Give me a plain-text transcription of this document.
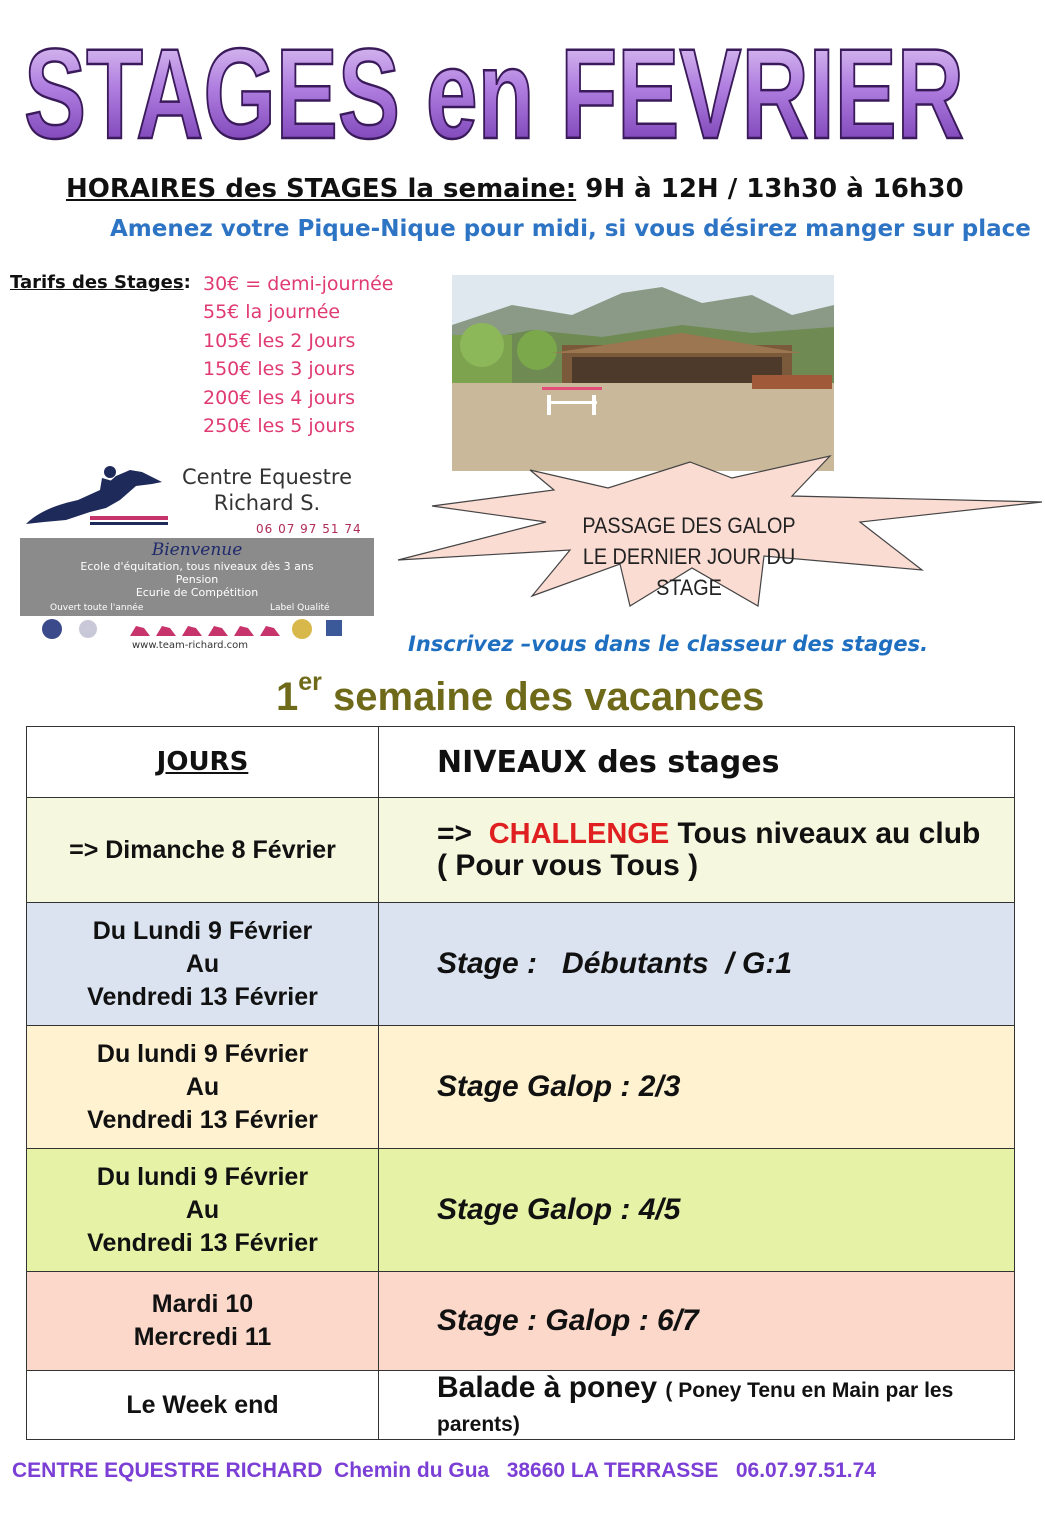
STAGES en FEVRIER
HORAIRES des STAGES la semaine: 9H à 12H / 13h30 à 16h30
Amenez votre Pique-Nique pour midi, si vous désirez manger sur place
Tarifs des Stages: 30€ = demi-journée
55€ la journée
105€ les 2 Jours
150€ les 3 jours
200€ les 4 jours
250€ les 5 jours
Centre Equestre
Richard S.
06 07 97 51 74
Bienvenue
Ecole d'équitation, tous niveaux dès 3 ans
Pension
Ecurie de Compétition
Ouvert toute l'année	Label Qualité
www.team-richard.com
PASSAGE DES GALOP
LE DERNIER JOUR DU
STAGE
Inscrivez –vous dans le classeur des stages.
1er semaine des vacances
JOURS	NIVEAUX des stages
=> Dimanche 8 Février	=>  CHALLENGE Tous niveaux au club
( Pour vous Tous )

Du Lundi 9 Février
Au
Vendredi 13 Février	Stage :   Débutants  / G:1

Du lundi 9 Février
Au
Vendredi 13 Février	Stage Galop : 2/3

Du lundi 9 Février
Au
Vendredi 13 Février	Stage Galop : 4/5

Mardi 10
Mercredi 11	Stage : Galop : 6/7
Le Week end	Balade à poney ( Poney Tenu en Main par les parents)
CENTRE EQUESTRE RICHARD  Chemin du Gua   38660 LA TERRASSE   06.07.97.51.74
